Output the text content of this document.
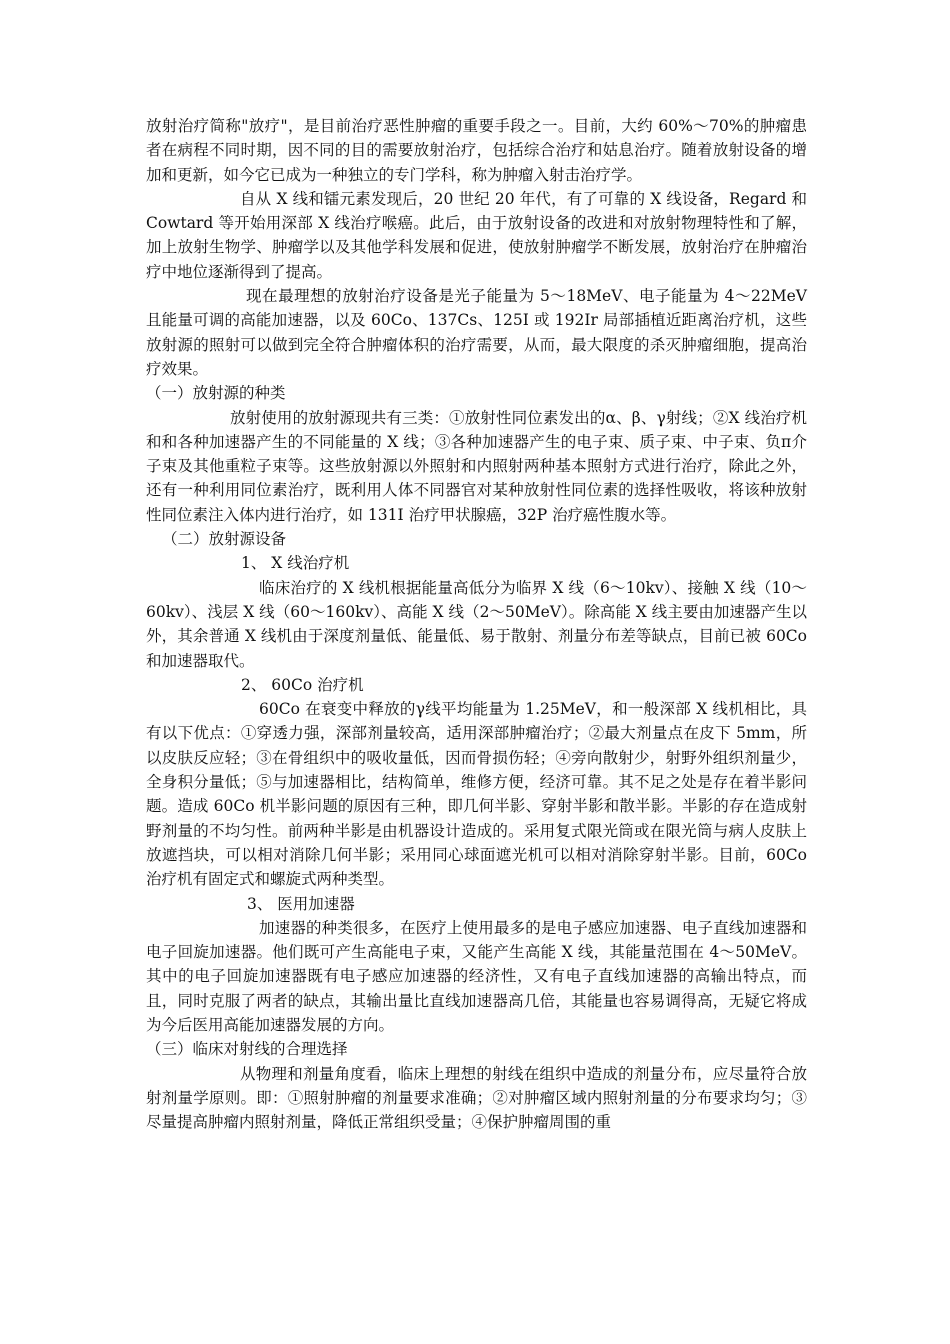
放射治疗简称"放疗"，是目前治疗恶性肿瘤的重要手段之一。目前，大约 60%～70%的肿瘤患者在病程不同时期，因不同的目的需要放射治疗，包括综合治疗和姑息治疗。随着放射设备的增加和更新，如今它已成为一种独立的专门学科，称为肿瘤入射击治疗学。

自从 X 线和镭元素发现后，20 世纪 20 年代，有了可靠的 X 线设备，Regard 和 Cowtard 等开始用深部 X 线治疗喉癌。此后，由于放射设备的改进和对放射物理特性和了解，加上放射生物学、肿瘤学以及其他学科发展和促进，使放射肿瘤学不断发展，放射治疗在肿瘤治疗中地位逐渐得到了提高。

现在最理想的放射治疗设备是光子能量为 5～18MeV、电子能量为 4～22MeV 且能量可调的高能加速器，以及 60Co、137Cs、125I 或 192Ir 局部插植近距离治疗机，这些放射源的照射可以做到完全符合肿瘤体积的治疗需要，从而，最大限度的杀灭肿瘤细胞，提高治疗效果。

（一）放射源的种类

放射使用的放射源现共有三类：①放射性同位素发出的α、β、γ射线；②X 线治疗机和和各种加速器产生的不同能量的 X 线；③各种加速器产生的电子束、质子束、中子束、负π介子束及其他重粒子束等。这些放射源以外照射和内照射两种基本照射方式进行治疗，除此之外，还有一种利用同位素治疗，既利用人体不同器官对某种放射性同位素的选择性吸收，将该种放射性同位素注入体内进行治疗，如 131I 治疗甲状腺癌，32P 治疗癌性腹水等。

（二）放射源设备

1、 X 线治疗机

临床治疗的 X 线机根据能量高低分为临界 X 线（6～10kv）、接触 X 线（10～60kv）、浅层 X 线（60～160kv）、高能 X 线（2～50MeV）。除高能 X 线主要由加速器产生以外，其余普通 X 线机由于深度剂量低、能量低、易于散射、剂量分布差等缺点，目前已被 60Co 和加速器取代。

2、 60Co 治疗机

60Co 在衰变中释放的γ线平均能量为 1.25MeV，和一般深部 X 线机相比，具有以下优点：①穿透力强，深部剂量较高，适用深部肿瘤治疗；②最大剂量点在皮下 5mm，所以皮肤反应轻；③在骨组织中的吸收量低，因而骨损伤轻；④旁向散射少，射野外组织剂量少，全身积分量低；⑤与加速器相比，结构简单，维修方便，经济可靠。其不足之处是存在着半影问题。造成 60Co 机半影问题的原因有三种，即几何半影、穿射半影和散半影。半影的存在造成射野剂量的不均匀性。前两种半影是由机器设计造成的。采用复式限光筒或在限光筒与病人皮肤上放遮挡块，可以相对消除几何半影；采用同心球面遮光机可以相对消除穿射半影。目前，60Co 治疗机有固定式和螺旋式两种类型。

3、 医用加速器

加速器的种类很多，在医疗上使用最多的是电子感应加速器、电子直线加速器和电子回旋加速器。他们既可产生高能电子束，又能产生高能 X 线，其能量范围在 4～50MeV。其中的电子回旋加速器既有电子感应加速器的经济性，又有电子直线加速器的高输出特点，而且，同时克服了两者的缺点，其输出量比直线加速器高几倍，其能量也容易调得高，无疑它将成为今后医用高能加速器发展的方向。

（三）临床对射线的合理选择

从物理和剂量角度看，临床上理想的射线在组织中造成的剂量分布，应尽量符合放射剂量学原则。即：①照射肿瘤的剂量要求准确；②对肿瘤区域内照射剂量的分布要求均匀；③尽量提高肿瘤内照射剂量，降低正常组织受量；④保护肿瘤周围的重
